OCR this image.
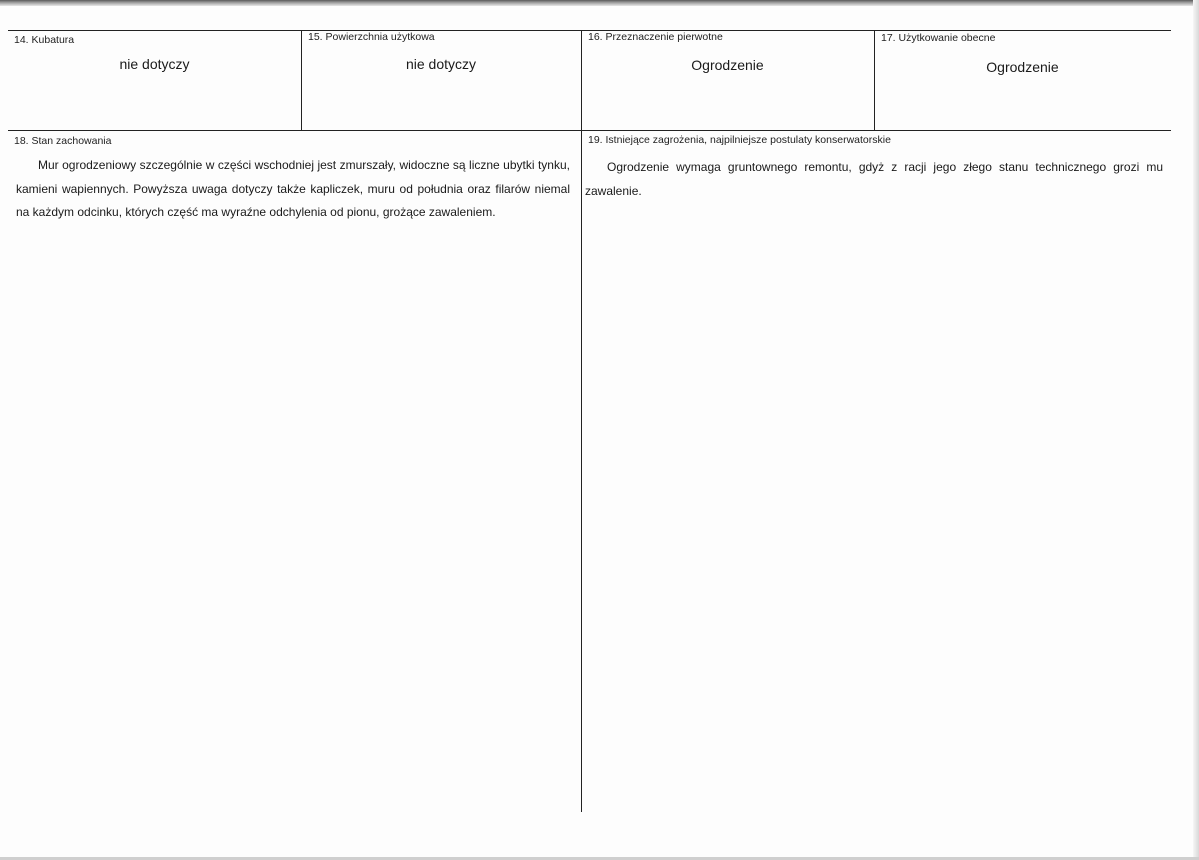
14. Kubatura
nie dotyczy
15. Powierzchnia użytkowa
nie dotyczy
16. Przeznaczenie pierwotne
Ogrodzenie
17. Użytkowanie obecne
Ogrodzenie
18. Stan zachowania

Mur ogrodzeniowy szczególnie w części wschodniej jest zmurszały, widoczne są liczne ubytki tynku, kamieni wapiennych. Powyższa uwaga dotyczy także kapliczek, muru od południa oraz filarów niemal na każdym odcinku, których część ma wyraźne odchylenia od pionu, grożące zawaleniem.

19. Istniejące zagrożenia, najpilniejsze postulaty konserwatorskie

Ogrodzenie wymaga gruntownego remontu, gdyż z racji jego złego stanu technicznego grozi mu zawalenie.
